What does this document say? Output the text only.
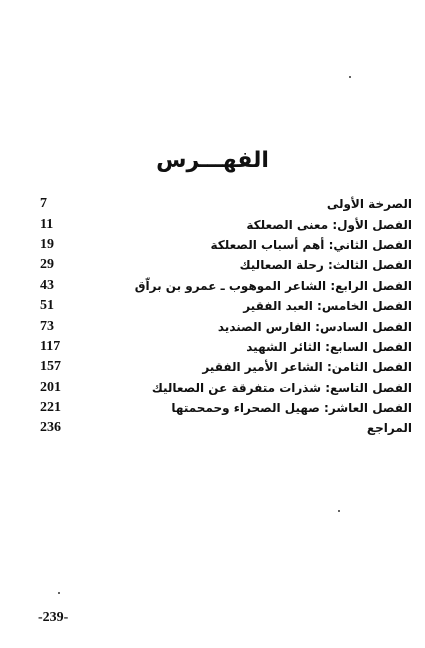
الفهـــرس
7	الصرخة الأولى
11	الفصل الأول: معنى الصعلكة
19	الفصل الثاني: أهم أسباب الصعلكة
29	الفصل الثالث: رحلة الصعاليك
43	الفصل الرابع: الشاعر الموهوب ـ عمرو بن براّق
51	الفصل الخامس: العبد الفقير
73	الفصل السادس: الفارس الصنديد
117	الفصل السابع: الثائر الشهيد
157	الفصل الثامن: الشاعر الأمير الفقير
201	الفصل التاسع: شذرات متفرقة عن الصعاليك
221	الفصل العاشر: صهيل الصحراء وحمحمتها
236	المراجع
-239-
